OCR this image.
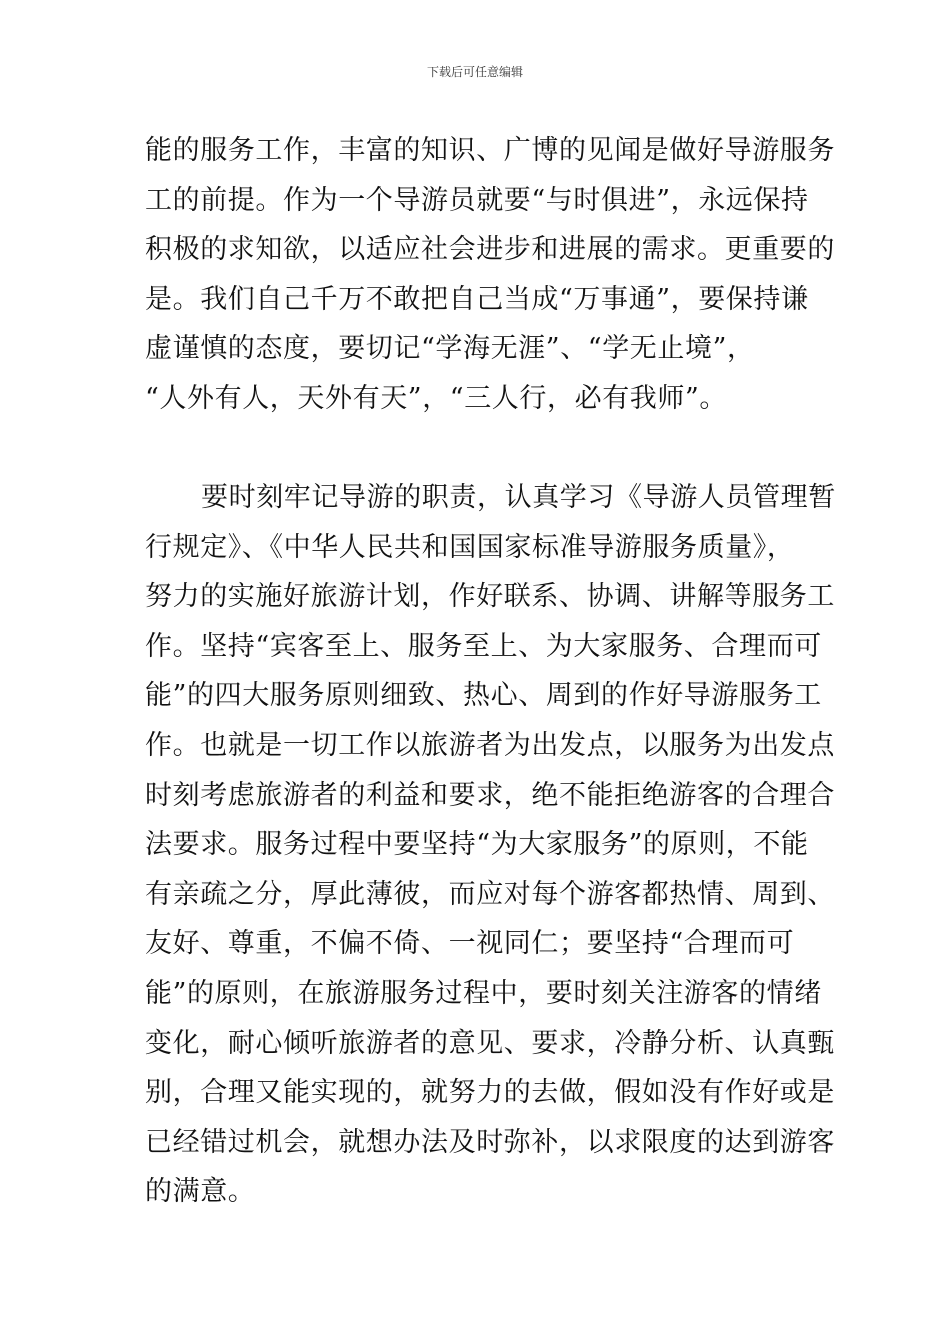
下载后可任意编辑
能的服务工作，丰富的知识、广博的见闻是做好导游服务
工的前提。作为一个导游员就要“与时俱进”，永远保持
积极的求知欲，以适应社会进步和进展的需求。更重要的
是。我们自己千万不敢把自己当成“万事通”，要保持谦
虚谨慎的态度，要切记“学海无涯”、“学无止境”，
“人外有人，天外有天”，“三人行，必有我师”。
要时刻牢记导游的职责，认真学习《导游人员管理暂
行规定》、《中华人民共和国国家标准导游服务质量》，
努力的实施好旅游计划，作好联系、协调、讲解等服务工
作。坚持“宾客至上、服务至上、为大家服务、合理而可
能”的四大服务原则细致、热心、周到的作好导游服务工
作。也就是一切工作以旅游者为出发点，以服务为出发点
时刻考虑旅游者的利益和要求，绝不能拒绝游客的合理合
法要求。服务过程中要坚持“为大家服务”的原则，不能
有亲疏之分，厚此薄彼，而应对每个游客都热情、周到、
友好、尊重，不偏不倚、一视同仁；要坚持“合理而可
能”的原则，在旅游服务过程中，要时刻关注游客的情绪
变化，耐心倾听旅游者的意见、要求，冷静分析、认真甄
别，合理又能实现的，就努力的去做，假如没有作好或是
已经错过机会，就想办法及时弥补，以求限度的达到游客
的满意。
